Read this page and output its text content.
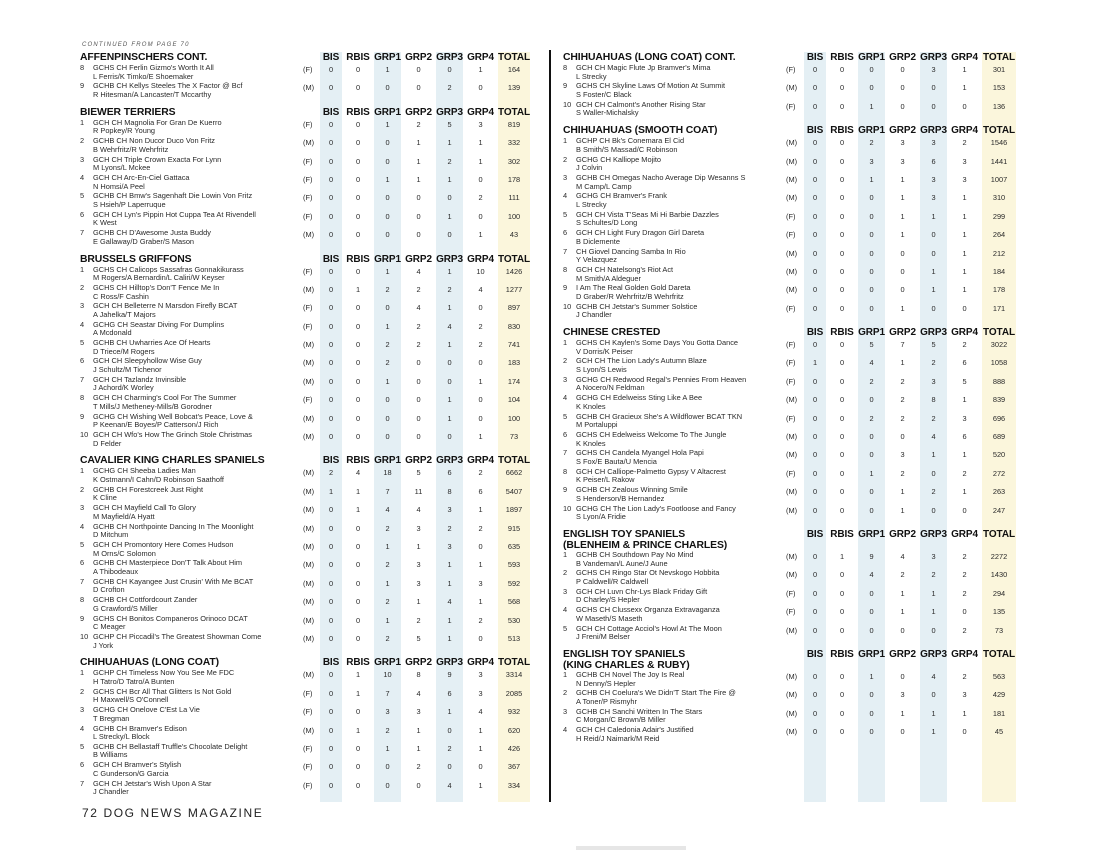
CONTINUED FROM PAGE 70
AFFENPINSCHERS CONT.	BIS RBIS GRP1 GRP2 GRP3 GRP4 TOTAL
8	GCHS CH Ferlin Gizmo's Worth It All
L Ferris/K Timko/E Shoemaker
(F)	0	0	1	0	0	1	164
9	GCHB CH Kellys Steeles The X Factor @ Bcf
R Hitesman/A Lancaster/T Mccarthy
(M)	0	0	0	0	2	0	139
BIEWER TERRIERS	BIS RBIS GRP1 GRP2 GRP3 GRP4 TOTAL
1	GCH CH Magnolia For Gran De Kuerro
R Popkey/R Young
(F)	0	0	1	2	5	3	819
2	GCHB CH Non Ducor Duco Von Fritz
B Wehrfritz/R Wehrfritz
(M)	0	0	0	1	1	1	332
3	GCH CH Triple Crown Exacta For Lynn
M Lyons/L Mckee
(F)	0	0	0	1	2	1	302
4	GCH CH Arc-En-Ciel Gattaca
N Homsi/A Peel
(F)	0	0	1	1	1	0	178
5	GCHB CH Bmw's Sagenhaft Die Lowin Von Fritz
S Hsieh/P Laperruque
(F)	0	0	0	0	0	2	111
6	GCH CH Lyn's Pippin Hot Cuppa Tea At Rivendell
K West
(F)	0	0	0	0	1	0	100
7	GCHB CH D'Awesome Justa Buddy
E Gallaway/D Graber/S Mason
(M)	0	0	0	0	0	1	43
BRUSSELS GRIFFONS	BIS RBIS GRP1 GRP2 GRP3 GRP4 TOTAL
1	GCHS CH Calicops Sassafras Gonnakikurass
M Rogers/A Bernardin/L Caliri/W Keyser
(F)	0	0	1	4	1	10	1426
2	GCHS CH Hilltop's Don'T Fence Me In
C Ross/F Cashin
(M)	0	1	2	2	2	4	1277
3	GCH CH Belleterre N Marsdon Firefly BCAT
A Jahelka/T Majors
(F)	0	0	0	4	1	0	897
4	GCHG CH Seastar Diving For Dumplins
A Mcdonald
(F)	0	0	1	2	4	2	830
5	GCHB CH Uwharries Ace Of Hearts
D Triece/M Rogers
(M)	0	0	2	2	1	2	741
6	GCH CH Sleepyhollow Wise Guy
J Schultz/M Tichenor
(M)	0	0	2	0	0	0	183
7	GCH CH Tazlandz Invinsible
J Achord/K Worley
(M)	0	0	1	0	0	1	174
8	GCH CH Charming's Cool For The Summer
T Mills/J Metheney-Mills/B Gorodner
(F)	0	0	0	0	1	0	104
9	GCHG CH Wishing Well Bobcat's Peace, Love &
P Keenan/E Boyes/P Catterson/J Rich
(M)	0	0	0	0	1	0	100
10 GCH CH Wfo's How The Grinch Stole Christmas
D Felder
(M)	0	0	0	0	0	1	73
CAVALIER KING CHARLES SPANIELS	BIS RBIS GRP1 GRP2 GRP3 GRP4 TOTAL
1	GCHG CH Sheeba Ladies Man
K Ostmann/I Cahn/D Robinson Saathoff
(M)	2	4	18	5	6	2	6662
2	GCHB CH Forestcreek Just Right
K Cline
(M)	1	1	7	11	8	6	5407
3	GCH CH Mayfield Call To Glory
M Mayfield/A Hyatt
(M)	0	1	4	4	3	1	1897
4	GCHB CH Northpointe Dancing In The Moonlight
D Mitchum
(M)	0	0	2	3	2	2	915
5	GCH CH Promontory Here Comes Hudson
M Orns/C Solomon
(M)	0	0	1	1	3	0	635
6	GCHB CH Masterpiece Don'T Talk About Him
A Thibodeaux
(M)	0	0	2	3	1	1	593
7	GCHB CH Kayangee Just Crusin' With Me BCAT
D Crofton
(M)	0	0	1	3	1	3	592
8	GCHB CH Cottfordcourt Zander
G Crawford/S Miller
(M)	0	0	2	1	4	1	568
9	GCHS CH Bonitos Companeros Orinoco DCAT
C Meager
(M)	0	0	1	2	1	2	530
10 GCHP CH Piccadil's The Greatest Showman Come
J York
(M)	0	0	2	5	1	0	513
CHIHUAHUAS (LONG COAT)	BIS RBIS GRP1 GRP2 GRP3 GRP4 TOTAL
1	GCHP CH Timeless Now You See Me FDC
H Tatro/D Tatro/A Bunten
(M)	0	1	10	8	9	3	3314
2	GCHS CH Bcr All That Glitters Is Not Gold
H Maxwell/S O'Connell
(F)	0	1	7	4	6	3	2085
3	GCHG CH Onelove C'Est La Vie
T Bregman
(F)	0	0	3	3	1	4	932
4	GCHB CH Bramver's Edison
L Strecky/L Block
(M)	0	1	2	1	0	1	620
5	GCHB CH Bellastaff Truffle's Chocolate Delight
B Williams
(F)	0	0	1	1	2	1	426
6	GCH CH Bramver's Stylish
C Gunderson/G Garcia
(F)	0	0	0	2	0	0	367
7	GCH CH Jetstar's Wish Upon A Star
J Chandler
(F)	0	0	0	0	4	1	334
CHIHUAHUAS (LONG COAT) CONT.	BIS RBIS GRP1 GRP2 GRP3 GRP4 TOTAL
8	GCH CH Magic Flute Jp Bramver's Mima
L Strecky
(F)	0	0	0	0	3	1	301
9	GCHS CH Skyline Laws Of Motion At Summit
S Foster/C Black
(M)	0	0	0	0	0	1	153
10 GCH CH Calmont's Another Rising Star
S Waller-Michalsky
(F)	0	0	1	0	0	0	136
CHIHUAHUAS (SMOOTH COAT)	BIS RBIS GRP1 GRP2 GRP3 GRP4 TOTAL
1	GCHP CH Bk's Conemara El Cid
B Smith/S Massad/C Robinson
(M)	0	0	2	3	3	2	1546
2	GCHG CH Kalliope Mojito
J Colvin
(M)	0	0	3	3	6	3	1441
3	GCHB CH Omegas Nacho Average Dip Wesanns S
M Camp/L Camp
(M)	0	0	1	1	3	3	1007
4	GCHG CH Bramver's Frank
L Strecky
(M)	0	0	0	1	3	1	310
5	GCH CH Vista T'Seas Mi Hi Barbie Dazzles
S Schultes/D Long
(F)	0	0	0	1	1	1	299
6	GCH CH Light Fury Dragon Girl Dareta
B Diclemente
(F)	0	0	0	1	0	1	264
7	CH Giovel Dancing Samba In Rio
Y Velazquez
(M)	0	0	0	0	0	1	212
8	GCH CH Natelsong's Riot Act
M Smith/A Aldeguer
(M)	0	0	0	0	1	1	184
9	I Am The Real Golden Gold Dareta
D Graber/R Wehrfritz/B Wehrfritz
(M)	0	0	0	0	1	1	178
10 GCHB CH Jetstar's Summer Solstice
J Chandler
(F)	0	0	0	1	0	0	171
CHINESE CRESTED	BIS RBIS GRP1 GRP2 GRP3 GRP4 TOTAL
1	GCHS CH Kaylen's Some Days You Gotta Dance
V Dorris/K Peiser
(F)	0	0	5	7	5	2	3022
2	GCH CH The Lion Lady's Autumn Blaze
S Lyon/S Lewis
(F)	1	0	4	1	2	6	1058
3	GCHG CH Redwood Regal's Pennies From Heaven
A Nocero/N Feldman
(F)	0	0	2	2	3	5	888
4	GCHG CH Edelweiss Sting Like A Bee
K Knoles
(M)	0	0	0	2	8	1	839
5	GCHB CH Gracieux She's A Wildflower BCAT TKN
M Portaluppi
(F)	0	0	2	2	2	3	696
6	GCHS CH Edelweiss Welcome To The Jungle
K Knoles
(M)	0	0	0	0	4	6	689
7	GCHS CH Candela Myangel Hola Papi
S Fox/E Bauta/U Mencia
(M)	0	0	0	3	1	1	520
8	GCH CH Calliope-Palmetto Gypsy V Altacrest
K Peiser/L Rakow
(F)	0	0	1	2	0	2	272
9	GCHB CH Zealous Winning Smile
S Henderson/B Hernandez
(M)	0	0	0	1	2	1	263
10 GCHG CH The Lion Lady's Footloose and Fancy
S Lyon/A Fridie
(M)	0	0	0	1	0	0	247
ENGLISH TOY SPANIELS
(BLENHEIM & PRINCE CHARLES)
BIS RBIS GRP1 GRP2 GRP3 GRP4 TOTAL
1	GCHB CH Southdown Pay No Mind
B Vandeman/L Aune/J Aune
(M)	0	1	9	4	3	2	2272
2	GCHS CH Ringo Star Ot Nevskogo Hobbita
P Caldwell/R Caldwell
(M)	0	0	4	2	2	2	1430
3	GCH CH Luvn Chr-Lys Black Friday Gift
D Charley/S Hepler
(F)	0	0	0	1	1	2	294
4	GCHS CH Clussexx Organza Extravaganza
W Maseth/S Maseth
(F)	0	0	0	1	1	0	135
5	GCH CH Cottage Acciol's Howl At The Moon
J Freni/M Belser
(M)	0	0	0	0	0	2	73
ENGLISH TOY SPANIELS
(KING CHARLES & RUBY)
BIS RBIS GRP1 GRP2 GRP3 GRP4 TOTAL
1	GCHB CH Novel The Joy Is Real
N Denny/S Hepler
(M)	0	0	1	0	4	2	563
2	GCHB CH Coelura's We Didn'T Start The Fire @
A Toner/P Rismyhr
(M)	0	0	0	3	0	3	429
3	GCHB CH Sanchi Written In The Stars
C Morgan/C Brown/B Miller
(M)	0	0	0	1	1	1	181
4	GCH CH Caledonia Adair's Justified
H Reid/J Naimark/M Reid
(M)	0	0	0	0	1	0	45
72 DOG NEWS MAGAZINE
